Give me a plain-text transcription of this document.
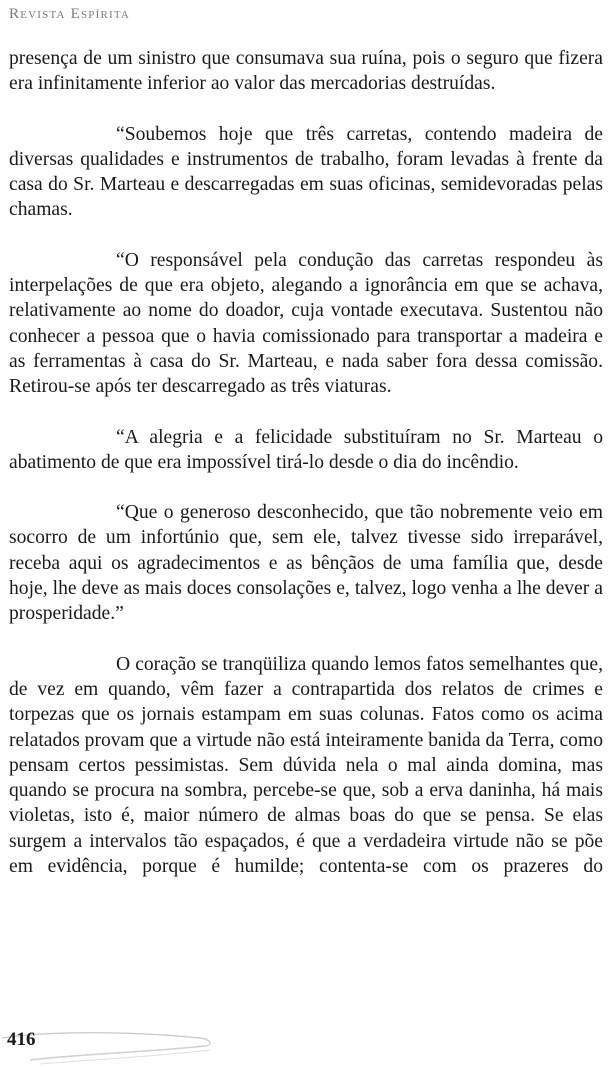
Revista Espírita

presença de um sinistro que consumava sua ruína, pois o seguro que fizera era infinitamente inferior ao valor das mercadorias destruídas.

“Soubemos hoje que três carretas, contendo madeira de diversas qualidades e instrumentos de trabalho, foram levadas à frente da casa do Sr. Marteau e descarregadas em suas oficinas, semidevoradas pelas chamas.

“O responsável pela condução das carretas respondeu às interpelações de que era objeto, alegando a ignorância em que se achava, relativamente ao nome do doador, cuja vontade executava. Sustentou não conhecer a pessoa que o havia comissionado para transportar a madeira e as ferramentas à casa do Sr. Marteau, e nada saber fora dessa comissão. Retirou-se após ter descarregado as três viaturas.

“A alegria e a felicidade substituíram no Sr. Marteau o abatimento de que era impossível tirá-lo desde o dia do incêndio.

“Que o generoso desconhecido, que tão nobremente veio em socorro de um infortúnio que, sem ele, talvez tivesse sido irreparável, receba aqui os agradecimentos e as bênçãos de uma família que, desde hoje, lhe deve as mais doces consolações e, talvez, logo venha a lhe dever a prosperidade.”

O coração se tranqüiliza quando lemos fatos semelhantes que, de vez em quando, vêm fazer a contrapartida dos relatos de crimes e torpezas que os jornais estampam em suas colunas. Fatos como os acima relatados provam que a virtude não está inteiramente banida da Terra, como pensam certos pessimistas. Sem dúvida nela o mal ainda domina, mas quando se procura na sombra, percebe-se que, sob a erva daninha, há mais violetas, isto é, maior número de almas boas do que se pensa. Se elas surgem a intervalos tão espaçados, é que a verdadeira virtude não se põe em evidência, porque é humilde; contenta-se com os prazeres do

416
